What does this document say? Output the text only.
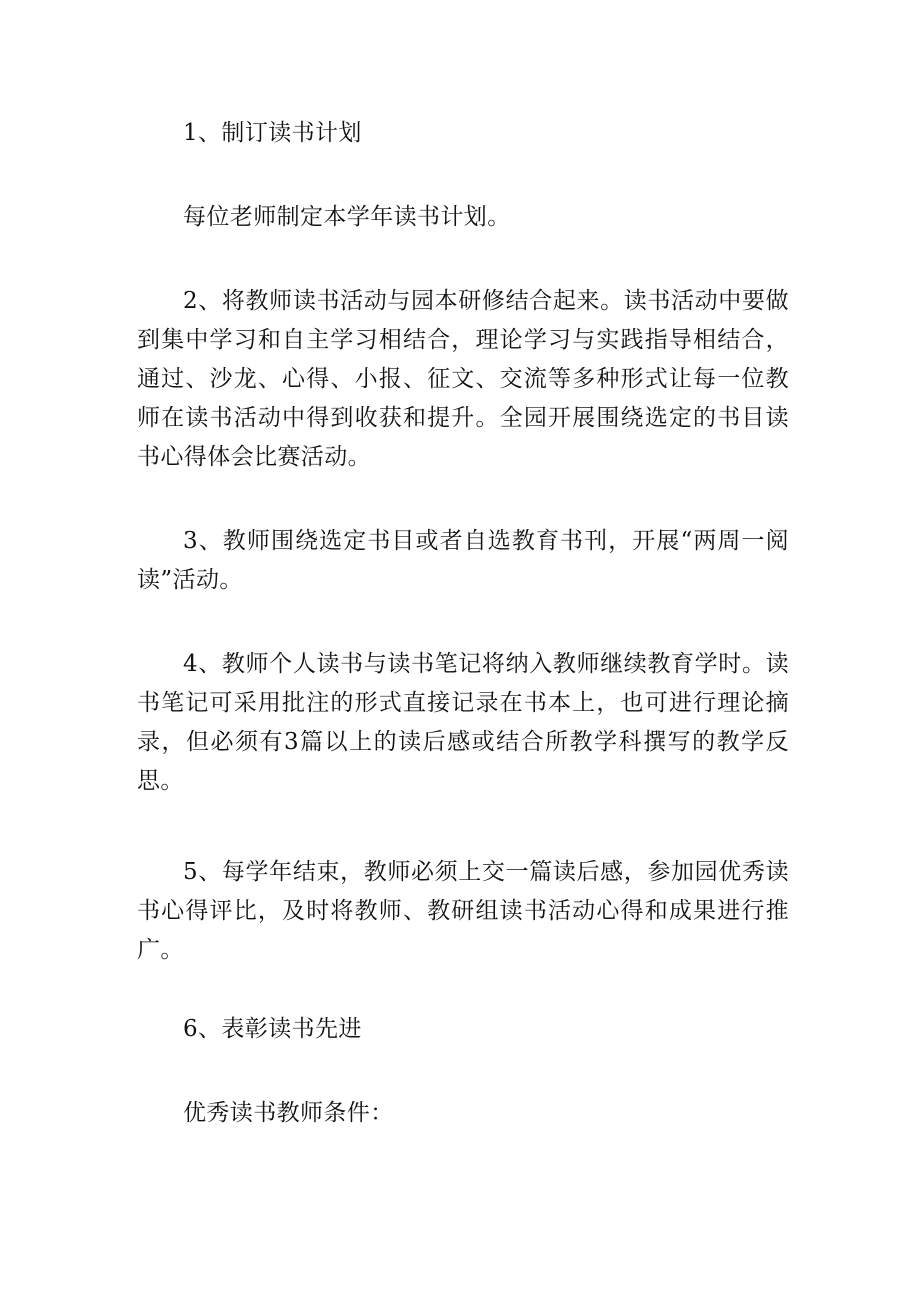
1、制订读书计划

每位老师制定本学年读书计划。

2、将教师读书活动与园本研修结合起来。读书活动中要做到集中学习和自主学习相结合，理论学习与实践指导相结合，通过、沙龙、心得、小报、征文、交流等多种形式让每一位教师在读书活动中得到收获和提升。全园开展围绕选定的书目读书心得体会比赛活动。

3、教师围绕选定书目或者自选教育书刊，开展“两周一阅读”活动。

4、教师个人读书与读书笔记将纳入教师继续教育学时。读书笔记可采用批注的形式直接记录在书本上，也可进行理论摘录，但必须有3篇以上的读后感或结合所教学科撰写的教学反思。

5、每学年结束，教师必须上交一篇读后感，参加园优秀读书心得评比，及时将教师、教研组读书活动心得和成果进行推广。

6、表彰读书先进

优秀读书教师条件：
